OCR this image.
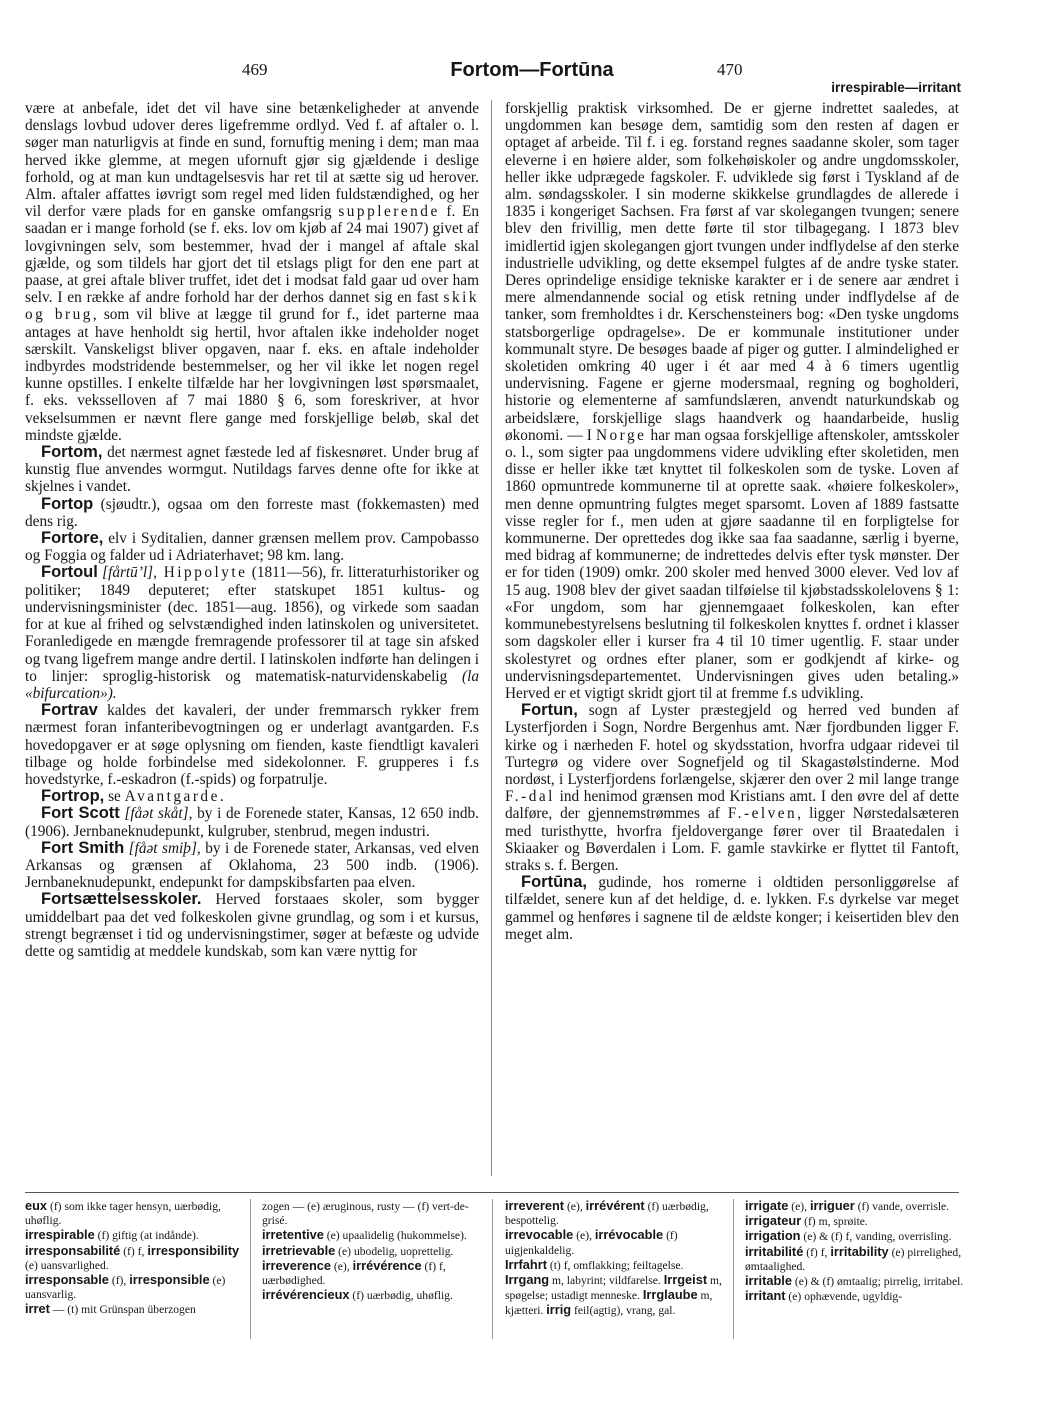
469	Fortom—Fortūna	470
irrespirable—irritant

være at anbefale, idet det vil have sine betænkeligheder at anvende denslags lovbud udover deres ligefremme ordlyd. Ved f. af aftaler o. l. søger man naturligvis at finde en sund, fornuftig mening i dem; man maa herved ikke glemme, at megen ufornuft gjør sig gjældende i deslige forhold, og at man kun undtagelsesvis har ret til at sætte sig ud herover. Alm. aftaler affattes iøvrigt som regel med liden fuldstændighed, og her vil derfor være plads for en ganske omfangsrig supplerende f. En saadan er i mange forhold (se f. eks. lov om kjøb af 24 mai 1907) givet af lovgivningen selv, som bestemmer, hvad der i mangel af aftale skal gjælde, og som tildels har gjort det til etslags pligt for den ene part at paase, at grei aftale bliver truffet, idet det i modsat fald gaar ud over ham selv. I en række af andre forhold har der derhos dannet sig en fast skik og brug, som vil blive at lægge til grund for f., idet parterne maa antages at have henholdt sig hertil, hvor aftalen ikke indeholder noget særskilt. Vanskeligst bliver opgaven, naar f. eks. en aftale indeholder indbyrdes modstridende bestemmelser, og her vil ikke let nogen regel kunne opstilles. I enkelte tilfælde har her lovgivningen løst spørsmaalet, f. eks. veksselloven af 7 mai 1880 § 6, som foreskriver, at hvor vekselsummen er nævnt flere gange med forskjellige beløb, skal det mindste gjælde.

Fortom, det nærmest agnet fæstede led af fiskesnøret. Under brug af kunstig flue anvendes wormgut. Nutildags farves denne ofte for ikke at skjelnes i vandet.

Fortop (sjøudtr.), ogsaa om den forreste mast (fokkemasten) med dens rig.

Fortore, elv i Syditalien, danner grænsen mellem prov. Campobasso og Foggia og falder ud i Adriaterhavet; 98 km. lang.

Fortoul [fårtū’l], Hippolyte (1811—56), fr. litteraturhistoriker og politiker; 1849 deputeret; efter statskupet 1851 kultus- og undervisningsminister (dec. 1851—aug. 1856), og virkede som saadan for at kue al frihed og selvstændighed inden latinskolen og universitetet. Foranledigede en mængde fremragende professorer til at tage sin afsked og tvang ligefrem mange andre dertil. I latinskolen indførte han delingen i to linjer: sproglig-historisk og matematisk-naturvidenskabelig (la «bifurcation»).

Fortrav kaldes det kavaleri, der under fremmarsch rykker frem nærmest foran infanteribevogtningen og er underlagt avantgarden. F.s hovedopgaver er at søge oplysning om fienden, kaste fiendtligt kavaleri tilbage og holde forbindelse med sidekolonner. F. grupperes i f.s hovedstyrke, f.-eskadron (f.-spids) og forpatrulje.

Fortrop, se Avantgarde.

Fort Scott [fåət skåt], by i de Forenede stater, Kansas, 12 650 indb. (1906). Jernbaneknudepunkt, kulgruber, stenbrud, megen industri.

Fort Smith [fåət smiþ], by i de Forenede stater, Arkansas, ved elven Arkansas og grænsen af Oklahoma, 23 500 indb. (1906). Jernbaneknudepunkt, endepunkt for dampskibsfarten paa elven.

Fortsættelsesskoler. Herved forstaaes skoler, som bygger umiddelbart paa det ved folkeskolen givne grundlag, og som i et kursus, strengt begrænset i tid og undervisningstimer, søger at befæste og udvide dette og samtidig at meddele kundskab, som kan være nyttig for

forskjellig praktisk virksomhed. De er gjerne indrettet saaledes, at ungdommen kan besøge dem, samtidig som den resten af dagen er optaget af arbeide. Til f. i eg. forstand regnes saadanne skoler, som tager eleverne i en høiere alder, som folkehøiskoler og andre ungdomsskoler, heller ikke udprægede fagskoler. F. udviklede sig først i Tyskland af de alm. søndagsskoler. I sin moderne skikkelse grundlagdes de allerede i 1835 i kongeriget Sachsen. Fra først af var skolegangen tvungen; senere blev den frivillig, men dette førte til stor tilbagegang. I 1873 blev imidlertid igjen skolegangen gjort tvungen under indflydelse af den sterke industrielle udvikling, og dette eksempel fulgtes af de andre tyske stater. Deres oprindelige ensidige tekniske karakter er i de senere aar ændret i mere almendannende social og etisk retning under indflydelse af de tanker, som fremholdtes i dr. Kerschensteiners bog: «Den tyske ungdoms statsborgerlige opdragelse». De er kommunale institutioner under kommunalt styre. De besøges baade af piger og gutter. I almindelighed er skoletiden omkring 40 uger i ét aar med 4 à 6 timers ugentlig undervisning. Fagene er gjerne modersmaal, regning og bogholderi, historie og elementerne af samfundslæren, anvendt naturkundskab og arbeidslære, forskjellige slags haandverk og haandarbeide, huslig økonomi. — I Norge har man ogsaa forskjellige aftenskoler, amtsskoler o. l., som sigter paa ungdommens videre udvikling efter skoletiden, men disse er heller ikke tæt knyttet til folkeskolen som de tyske. Loven af 1860 opmuntrede kommunerne til at oprette saak. «høiere folkeskoler», men denne opmuntring fulgtes meget sparsomt. Loven af 1889 fastsatte visse regler for f., men uden at gjøre saadanne til en forpligtelse for kommunerne. Der oprettedes dog ikke saa faa saadanne, særlig i byerne, med bidrag af kommunerne; de indrettedes delvis efter tysk mønster. Der er for tiden (1909) omkr. 200 skoler med henved 3000 elever. Ved lov af 15 aug. 1908 blev der givet saadan tilføielse til kjøbstadsskolelovens § 1: «For ungdom, som har gjennemgaaet folkeskolen, kan efter kommunebestyrelsens beslutning til folkeskolen knyttes f. ordnet i klasser som dagskoler eller i kurser fra 4 til 10 timer ugentlig. F. staar under skolestyret og ordnes efter planer, som er godkjendt af kirke- og undervisningsdepartementet. Undervisningen gives uden betaling.» Herved er et vigtigt skridt gjort til at fremme f.s udvikling.

Fortun, sogn af Lyster præstegjeld og herred ved bunden af Lysterfjorden i Sogn, Nordre Bergenhus amt. Nær fjordbunden ligger F. kirke og i nærheden F. hotel og skydsstation, hvorfra udgaar ridevei til Turtegrø og videre over Sognefjeld og til Skagastølstinderne. Mod nordøst, i Lysterfjordens forlængelse, skjærer den over 2 mil lange trange F.-dal ind henimod grænsen mod Kristians amt. I den øvre del af dette dalføre, der gjennemstrømmes af F.-elven, ligger Nørstedalsæteren med turisthytte, hvorfra fjeldovergange fører over til Braatedalen i Skiaaker og Bøverdalen i Lom. F. gamle stavkirke er flyttet til Fantoft, straks s. f. Bergen.

Fortūna, gudinde, hos romerne i oldtiden personliggørelse af tilfældet, senere kun af det heldige, d. e. lykken. F.s dyrkelse var meget gammel og henføres i sagnene til de ældste konger; i keisertiden blev den meget alm.

eux (f) som ikke tager hensyn, uærbødig, uhøflig.

irrespirable (f) giftig (at indånde).

irresponsabilité (f) f, irresponsibility (e) uansvarlighed.

irresponsable (f), irresponsible (e) uansvarlig.

irret — (t) mit Grünspan überzogen

zogen — (e) æruginous, rusty — (f) vert-de-grisé.

irretentive (e) upaalidelig (hukommelse).

irretrievable (e) ubodelig, uoprettelig.

irreverence (e), irrévérence (f) f, uærbødighed.

irrévérencieux (f) uærbødig, uhøflig.

irreverent (e), irrévérent (f) uærbødig, bespottelig.

irrevocable (e), irrévocable (f) uigjenkaldelig.

Irrfahrt (t) f, omflakking; feiltagelse. Irrgang m, labyrint; vildfarelse. Irrgeist m, spøgelse; ustadigt menneske. Irrglaube m, kjætteri. irrig feil(agtig), vrang, gal.

irrigate (e), irriguer (f) vande, overrisle.

irrigateur (f) m, sprøite.

irrigation (e) & (f) f, vanding, overrisling.

irritabilité (f) f, irritability (e) pirrelighed, ømtaalighed.

irritable (e) & (f) ømtaalig; pirrelig, irritabel.

irritant (e) ophævende, ugyldig-
